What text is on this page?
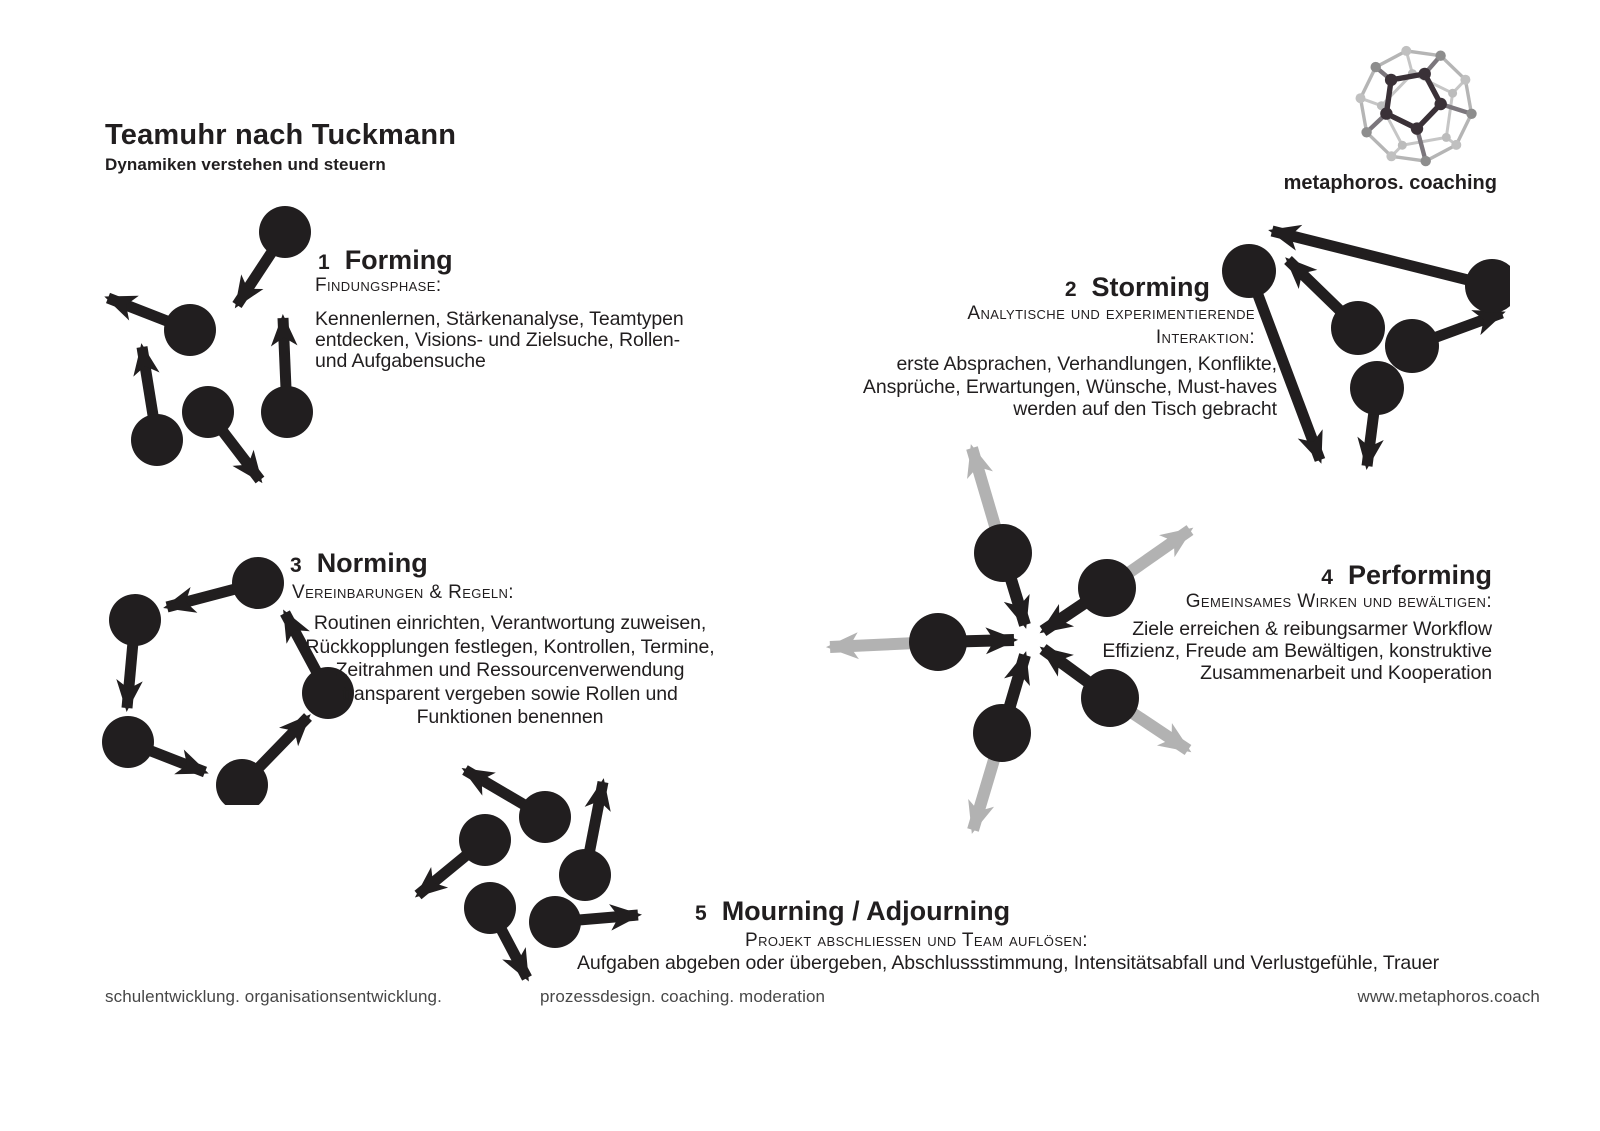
Teamuhr nach Tuckmann
Dynamiken verstehen und steuern
metaphoros. coaching
1 Forming
Findungsphase:
Kennenlernen, Stärkenanalyse, Teamtypen
entdecken, Visions- und Zielsuche, Rollen-
und Aufgabensuche
2 Storming
Analytische und experimentierende
Interaktion:
erste Absprachen, Verhandlungen, Konflikte,
Ansprüche, Erwartungen, Wünsche, Must-haves
werden auf den Tisch gebracht
3 Norming
Vereinbarungen & Regeln:
Routinen einrichten, Verantwortung zuweisen,
Rückkopplungen festlegen, Kontrollen, Termine,
Zeitrahmen und Ressourcenverwendung
transparent vergeben sowie Rollen und
Funktionen benennen
4 Performing
Gemeinsames Wirken und bewältigen:
Ziele erreichen & reibungsarmer Workflow
Effizienz, Freude am Bewältigen, konstruktive
Zusammenarbeit und Kooperation
5 Mourning / Adjourning
Projekt abschließen und Team auflösen:
Aufgaben abgeben oder übergeben, Abschlussstimmung, Intensitätsabfall und Verlustgefühle, Trauer
schulentwicklung. organisationsentwicklung.	prozessdesign. coaching. moderation	www.metaphoros.coach
